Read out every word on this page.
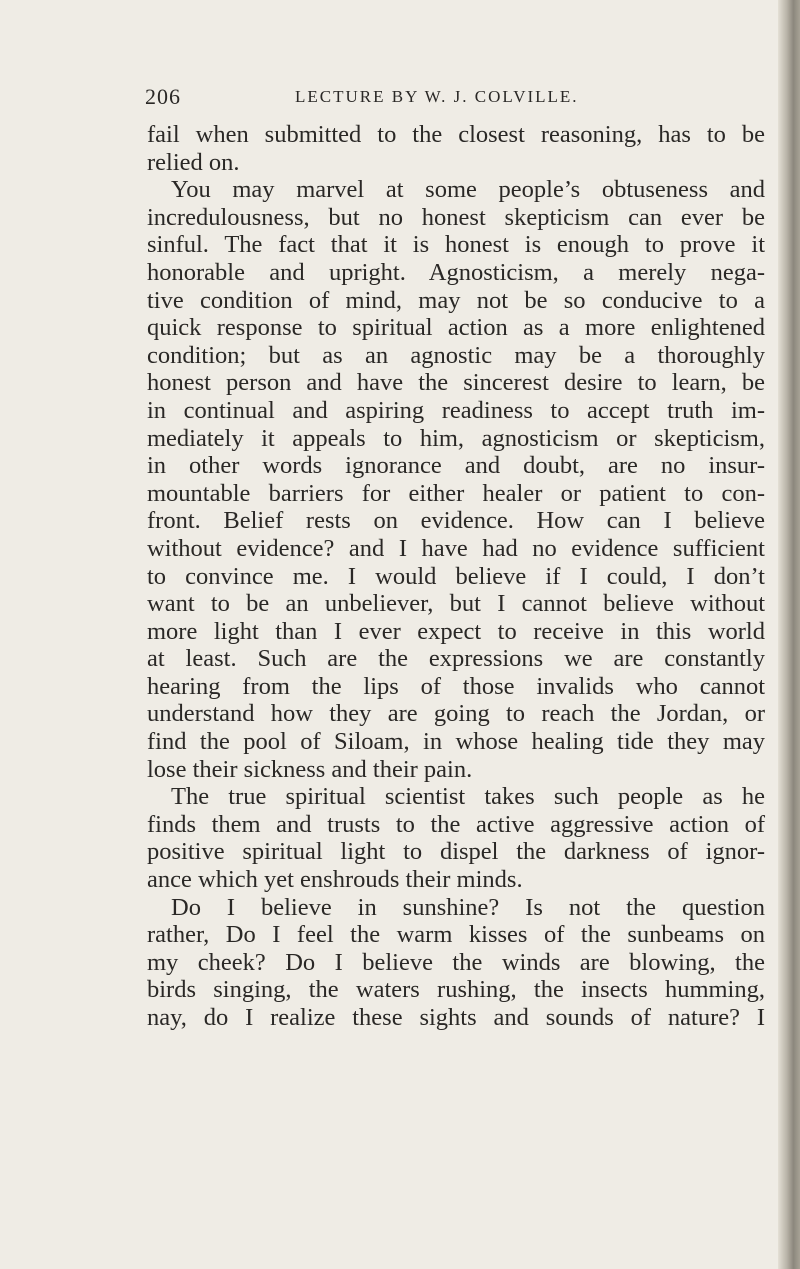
206	LECTURE BY W. J. COLVILLE.
fail when submitted to the closest reasoning, has to be
relied on.
You may marvel at some people’s obtuseness and
incredulousness, but no honest skepticism can ever be
sinful. The fact that it is honest is enough to prove it
honorable and upright. Agnosticism, a merely nega-
tive condition of mind, may not be so conducive to a
quick response to spiritual action as a more enlightened
condition; but as an agnostic may be a thoroughly
honest person and have the sincerest desire to learn, be
in continual and aspiring readiness to accept truth im-
mediately it appeals to him, agnosticism or skepticism,
in other words ignorance and doubt, are no insur-
mountable barriers for either healer or patient to con-
front. Belief rests on evidence. How can I believe
without evidence? and I have had no evidence sufficient
to convince me. I would believe if I could, I don’t
want to be an unbeliever, but I cannot believe without
more light than I ever expect to receive in this world
at least. Such are the expressions we are constantly
hearing from the lips of those invalids who cannot
understand how they are going to reach the Jordan, or
find the pool of Siloam, in whose healing tide they may
lose their sickness and their pain.
The true spiritual scientist takes such people as he
finds them and trusts to the active aggressive action of
positive spiritual light to dispel the darkness of ignor-
ance which yet enshrouds their minds.
Do I believe in sunshine? Is not the question
rather, Do I feel the warm kisses of the sunbeams on
my cheek? Do I believe the winds are blowing, the
birds singing, the waters rushing, the insects humming,
nay, do I realize these sights and sounds of nature? I
